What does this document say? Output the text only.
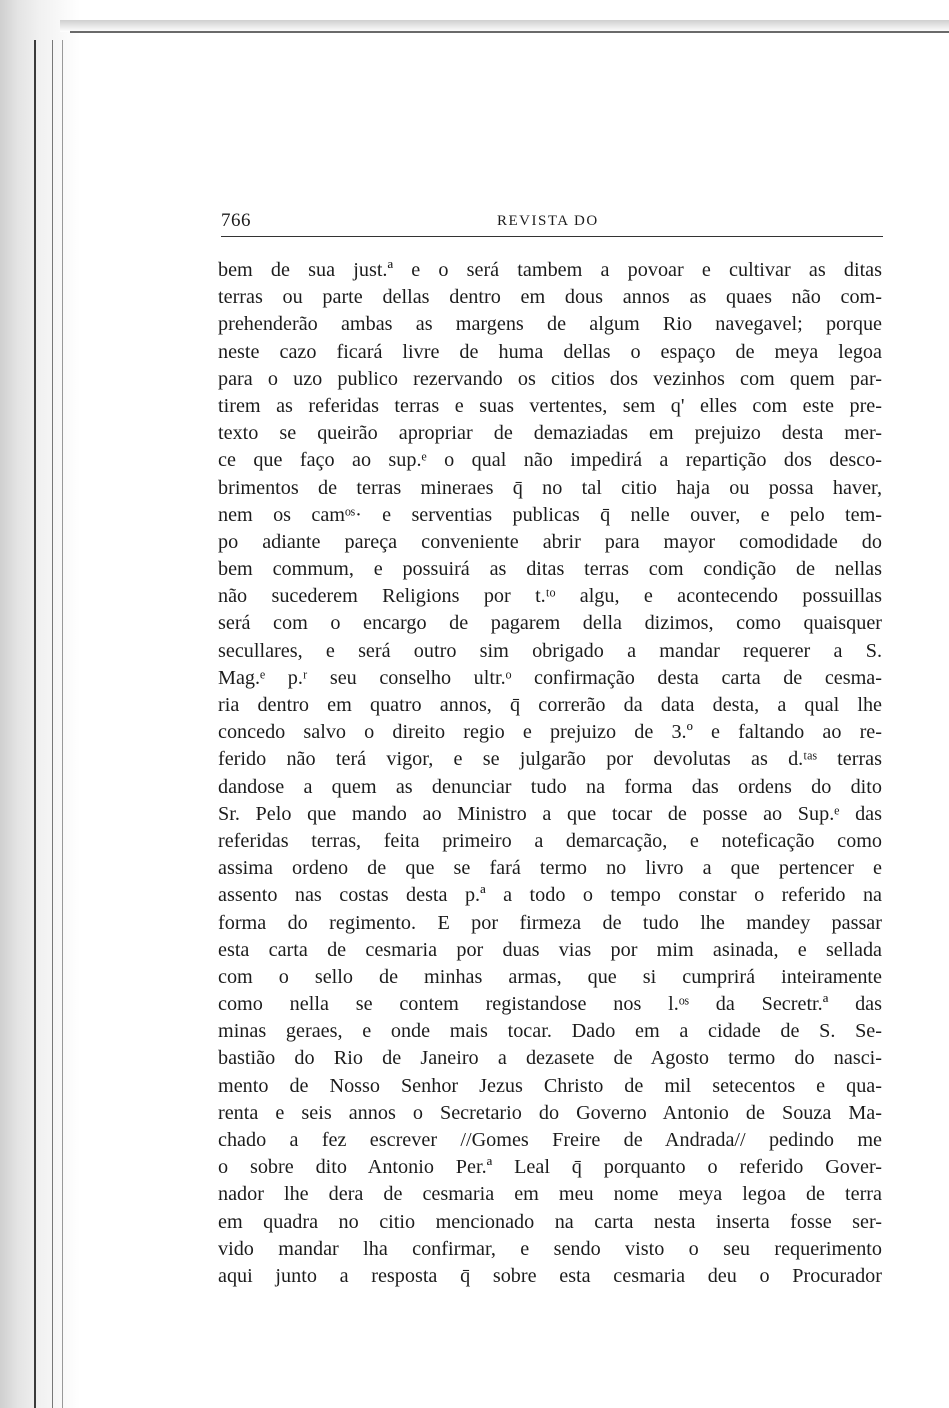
766	REVISTA DO
bem de sua just.ª e o será tambem a povoar e cultivar as ditas
terras ou parte dellas dentro em dous annos as quaes não com-
prehenderão ambas as margens de algum Rio navegavel; porque
neste cazo ficará livre de huma dellas o espaço de meya legoa
para o uzo publico rezervando os citios dos vezinhos com quem par-
tirem as referidas terras e suas vertentes, sem q' elles com este pre-
texto se queirão apropriar de demaziadas em prejuizo desta mer-
ce que faço ao sup.ᵉ o qual não impedirá a repartição dos desco-
brimentos de terras mineraes q̄ no tal citio haja ou possa haver,
nem os camᵒˢ· e serventias publicas q̄ nelle ouver, e pelo tem-
po adiante pareça conveniente abrir para mayor comodidade do
bem commum, e possuirá as ditas terras com condição de nellas
não sucederem Religions por t.ᵗᵒ algu, e acontecendo possuillas
será com o encargo de pagarem della dizimos, como quaisquer
secullares, e será outro sim obrigado a mandar requerer a S.
Mag.ᵉ p.ʳ seu conselho ultr.ᵒ confirmação desta carta de cesma-
ria dentro em quatro annos, q̄ correrão da data desta, a qual lhe
concedo salvo o direito regio e prejuizo de 3.º e faltando ao re-
ferido não terá vigor, e se julgarão por devolutas as d.ᵗᵃˢ terras
dandose a quem as denunciar tudo na forma das ordens do dito
Sr. Pelo que mando ao Ministro a que tocar de posse ao Sup.ᵉ das
referidas terras, feita primeiro a demarcação, e noteficação como
assima ordeno de que se fará termo no livro a que pertencer e
assento nas costas desta p.ª a todo o tempo constar o referido na
forma do regimento. E por firmeza de tudo lhe mandey passar
esta carta de cesmaria por duas vias por mim asinada, e sellada
com o sello de minhas armas, que si cumprirá inteiramente
como nella se contem registandose nos l.ᵒˢ da Secretr.ª das
minas geraes, e onde mais tocar. Dado em a cidade de S. Se-
bastião do Rio de Janeiro a dezasete de Agosto termo do nasci-
mento de Nosso Senhor Jezus Christo de mil setecentos e qua-
renta e seis annos o Secretario do Governo Antonio de Souza Ma-
chado a fez escrever //Gomes Freire de Andrada// pedindo me
o sobre dito Antonio Per.ª Leal q̄ porquanto o referido Gover-
nador lhe dera de cesmaria em meu nome meya legoa de terra
em quadra no citio mencionado na carta nesta inserta fosse ser-
vido mandar lha confirmar, e sendo visto o seu requerimento
aqui junto a resposta q̄ sobre esta cesmaria deu o Procurador
